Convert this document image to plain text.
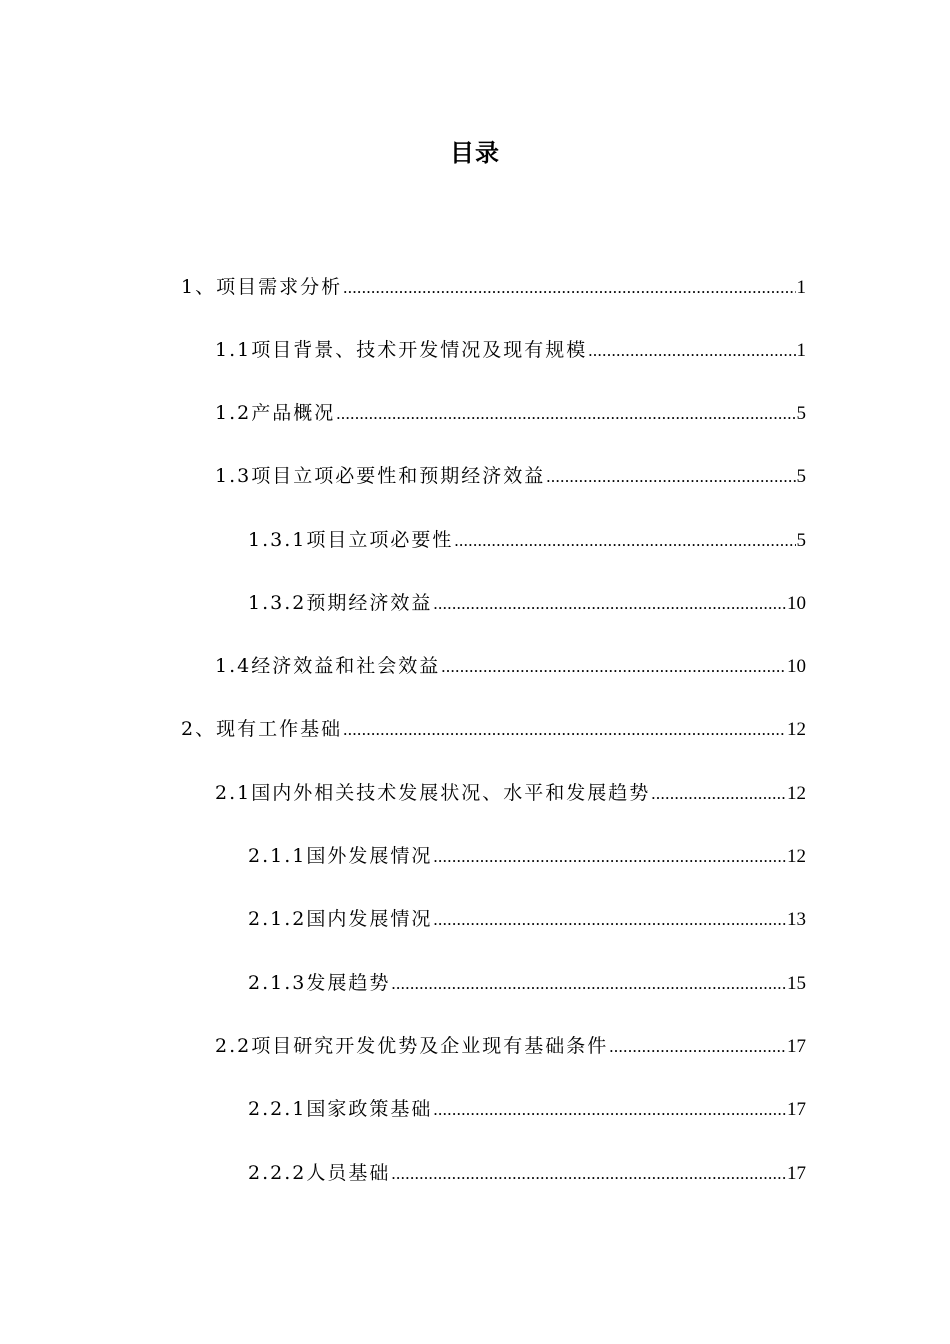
目录
1、项目需求分析 .....	1
1.1项目背景、技术开发情况及现有规模 .....	1
1.2产品概况 .....	5
1.3项目立项必要性和预期经济效益 .....	5
1.3.1项目立项必要性 .....	5
1.3.2预期经济效益 .....	10
1.4经济效益和社会效益 .....	10
2、现有工作基础 .....	12
2.1国内外相关技术发展状况、水平和发展趋势 .....	12
2.1.1国外发展情况 .....	12
2.1.2国内发展情况 .....	13
2.1.3发展趋势 .....	15
2.2项目研究开发优势及企业现有基础条件 .....	17
2.2.1国家政策基础 .....	17
2.2.2人员基础 .....	17
